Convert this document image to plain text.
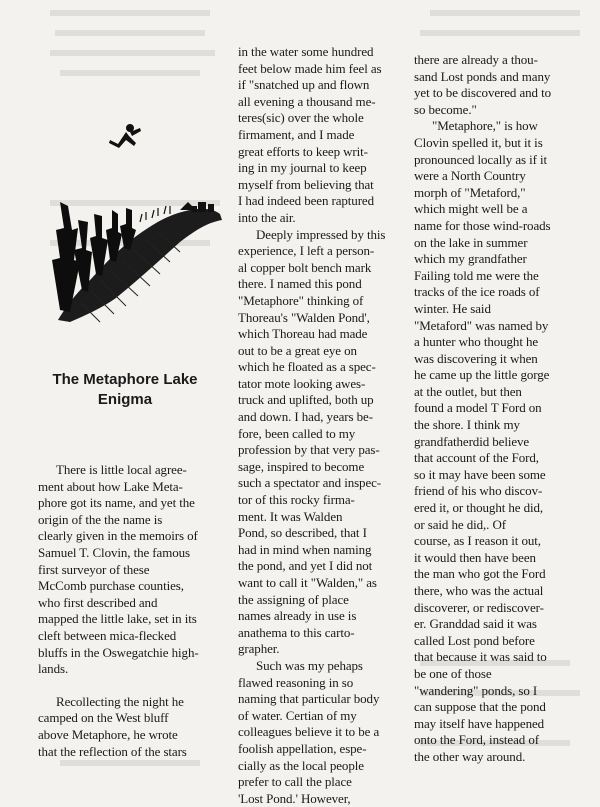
The Metaphore Lake
Enigma

There is little local agree-
ment about how Lake Meta-
phore got its name, and yet the
origin of the the name is
clearly given in the memoirs of
Samuel T. Clovin, the famous
first surveyor of these
McComb purchase counties,
who first described and
mapped the little lake, set in its
cleft between mica-flecked
bluffs in the Oswegatchie high-
lands.

Recollecting the night he
camped on the West bluff
above Metaphore, he wrote
that the reflection of the stars

in the water some hundred
feet below made him feel as
if "snatched up and flown
all evening a thousand me-
teres(sic) over the whole
firmament, and I made
great efforts to keep writ-
ing in my journal to keep
myself from believing that
I had indeed been raptured
into the air.

Deeply impressed by this
experience, I left a person-
al copper bolt bench mark
there. I named this pond
"Metaphore" thinking of
Thoreau's "Walden Pond',
which Thoreau had made
out to be a great eye on
which he floated as a spec-
tator mote looking awes-
truck and uplifted, both up
and down. I had, years be-
fore, been called to my
profession by that very pas-
sage, inspired to become
such a spectator and inspec-
tor of this rocky firma-
ment. It was Walden
Pond, so described, that I
had in mind when naming
the pond, and yet I did not
want to call it "Walden," as
the assigning of place
names already in use is
anathema to this carto-
grapher.

Such was my pehaps
flawed reasoning in so
naming that particular body
of water. Certian of my
colleagues believe it to be a
foolish appellation, espe-
cially as the local people
prefer to call the place
'Lost Pond.' However,

there are already a thou-
sand Lost ponds and many
yet to be discovered and to
so become."

"Metaphore," is how
Clovin spelled it, but it is
pronounced locally as if it
were a North Country
morph of "Metaford,"
which might well be a
name for those wind-roads
on the lake in summer
which my grandfather
Failing told me were the
tracks of the ice roads of
winter. He said
"Metaford" was named by
a hunter who thought he
was discovering it when
he came up the little gorge
at the outlet, but then
found a model T Ford on
the shore. I think my
grandfatherdid believe
that account of the Ford,
so it may have been some
friend of his who discov-
ered it, or thought he did,
or said he did,. Of
course, as I reason it out,
it would then have been
the man who got the Ford
there, who was the actual
discoverer, or rediscover-
er. Granddad said it was
called Lost pond before
that because it was said to
be one of those
"wandering" ponds, so I
can suppose that the pond
may itself have happened
onto the Ford, instead of
the other way around.
